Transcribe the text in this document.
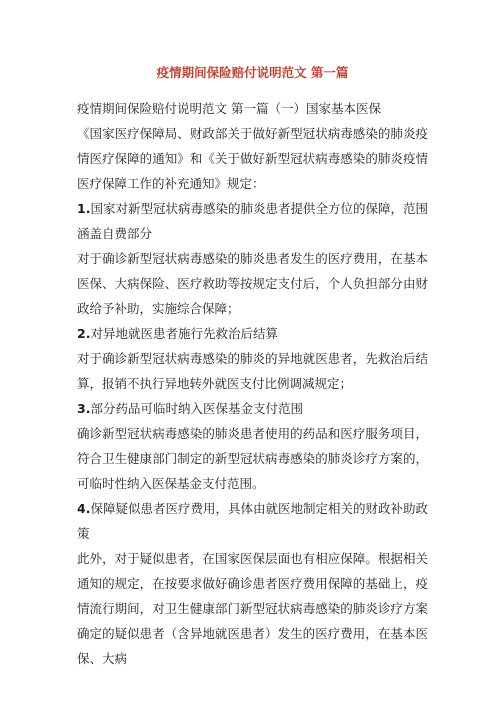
疫情期间保险赔付说明范文 第一篇

疫情期间保险赔付说明范文 第一篇（一）国家基本医保

《国家医疗保障局、财政部关于做好新型冠状病毒感染的肺炎疫情医疗保障的通知》和《关于做好新型冠状病毒感染的肺炎疫情医疗保障工作的补充通知》规定：

1.国家对新型冠状病毒感染的肺炎患者提供全方位的保障，范围涵盖自费部分

对于确诊新型冠状病毒感染的肺炎患者发生的医疗费用，在基本医保、大病保险、医疗救助等按规定支付后，个人负担部分由财政给予补助，实施综合保障；

2.对异地就医患者施行先救治后结算

对于确诊新型冠状病毒感染的肺炎的异地就医患者，先救治后结算，报销不执行异地转外就医支付比例调减规定；

3.部分药品可临时纳入医保基金支付范围

确诊新型冠状病毒感染的肺炎患者使用的药品和医疗服务项目，符合卫生健康部门制定的新型冠状病毒感染的肺炎诊疗方案的，可临时性纳入医保基金支付范围。

4.保障疑似患者医疗费用，具体由就医地制定相关的财政补助政策

此外，对于疑似患者，在国家医保层面也有相应保障。根据相关通知的规定，在按要求做好确诊患者医疗费用保障的基础上，疫情流行期间，对卫生健康部门新型冠状病毒感染的肺炎诊疗方案确定的疑似患者（含异地就医患者）发生的医疗费用，在基本医保、大病
